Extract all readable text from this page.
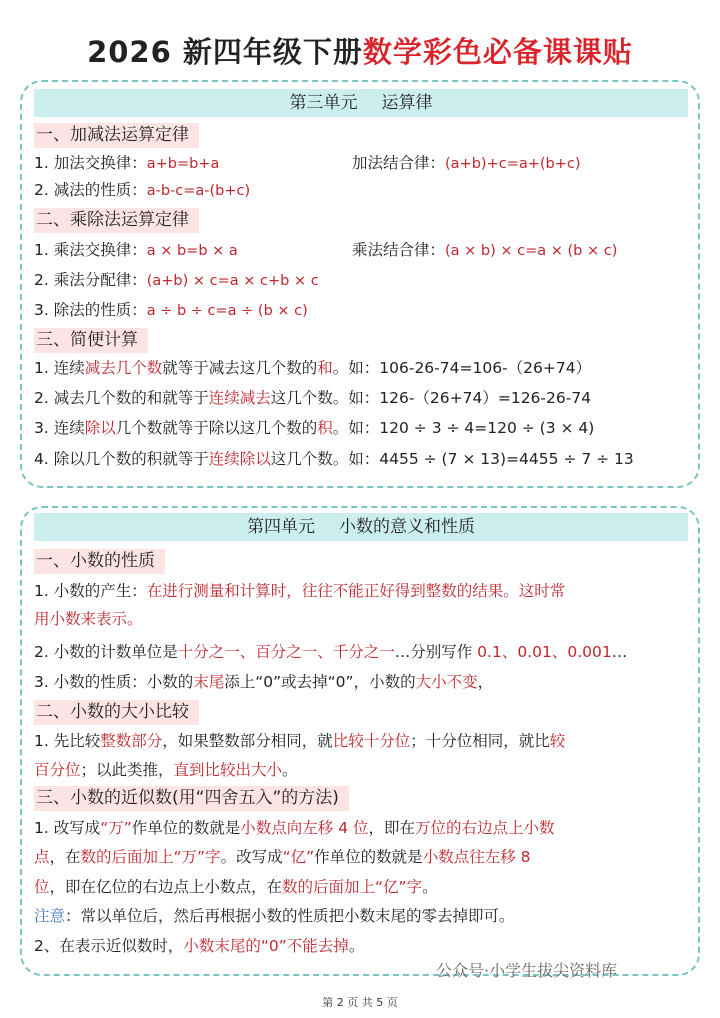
2026 新四年级下册数学彩色必备课课贴
第三单元 运算律
一、加减法运算定律
1. 加法交换律：a+b=b+a	加法结合律：(a+b)+c=a+(b+c)
2. 减法的性质：a-b-c=a-(b+c)
二、乘除法运算定律
1. 乘法交换律：a × b=b × a	乘法结合律：(a × b) × c=a × (b × c)
2. 乘法分配律：(a+b) × c=a × c+b × c
3. 除法的性质：a ÷ b ÷ c=a ÷ (b × c)
三、简便计算
1. 连续减去几个数就等于减去这几个数的和。如：106-26-74=106-（26+74）
2. 减去几个数的和就等于连续减去这几个数。如：126-（26+74）=126-26-74
3. 连续除以几个数就等于除以这几个数的积。如：120 ÷ 3 ÷ 4=120 ÷ (3 × 4)
4. 除以几个数的积就等于连续除以这几个数。如：4455 ÷ (7 × 13)=4455 ÷ 7 ÷ 13
第四单元 小数的意义和性质
一、小数的性质
1. 小数的产生：在进行测量和计算时，往往不能正好得到整数的结果。这时常
用小数来表示。
2. 小数的计数单位是十分之一、百分之一、千分之一…分别写作 0.1、0.01、0.001…
3. 小数的性质：小数的末尾添上“0”或去掉“0”，小数的大小不变，
二、小数的大小比较
1. 先比较整数部分，如果整数部分相同，就比较十分位；十分位相同，就比较
百分位；以此类推，直到比较出大小。
三、小数的近似数(用“四舍五入”的方法)
1. 改写成“万”作单位的数就是小数点向左移 4 位，即在万位的右边点上小数
点，在数的后面加上“万”字。改写成“亿”作单位的数就是小数点往左移 8
位，即在亿位的右边点上小数点，在数的后面加上“亿”字。
注意：常以单位后，然后再根据小数的性质把小数末尾的零去掉即可。
2、在表示近似数时，小数末尾的“0”不能去掉。
公众号·小学生拔尖资料库
第 2 页 共 5 页
